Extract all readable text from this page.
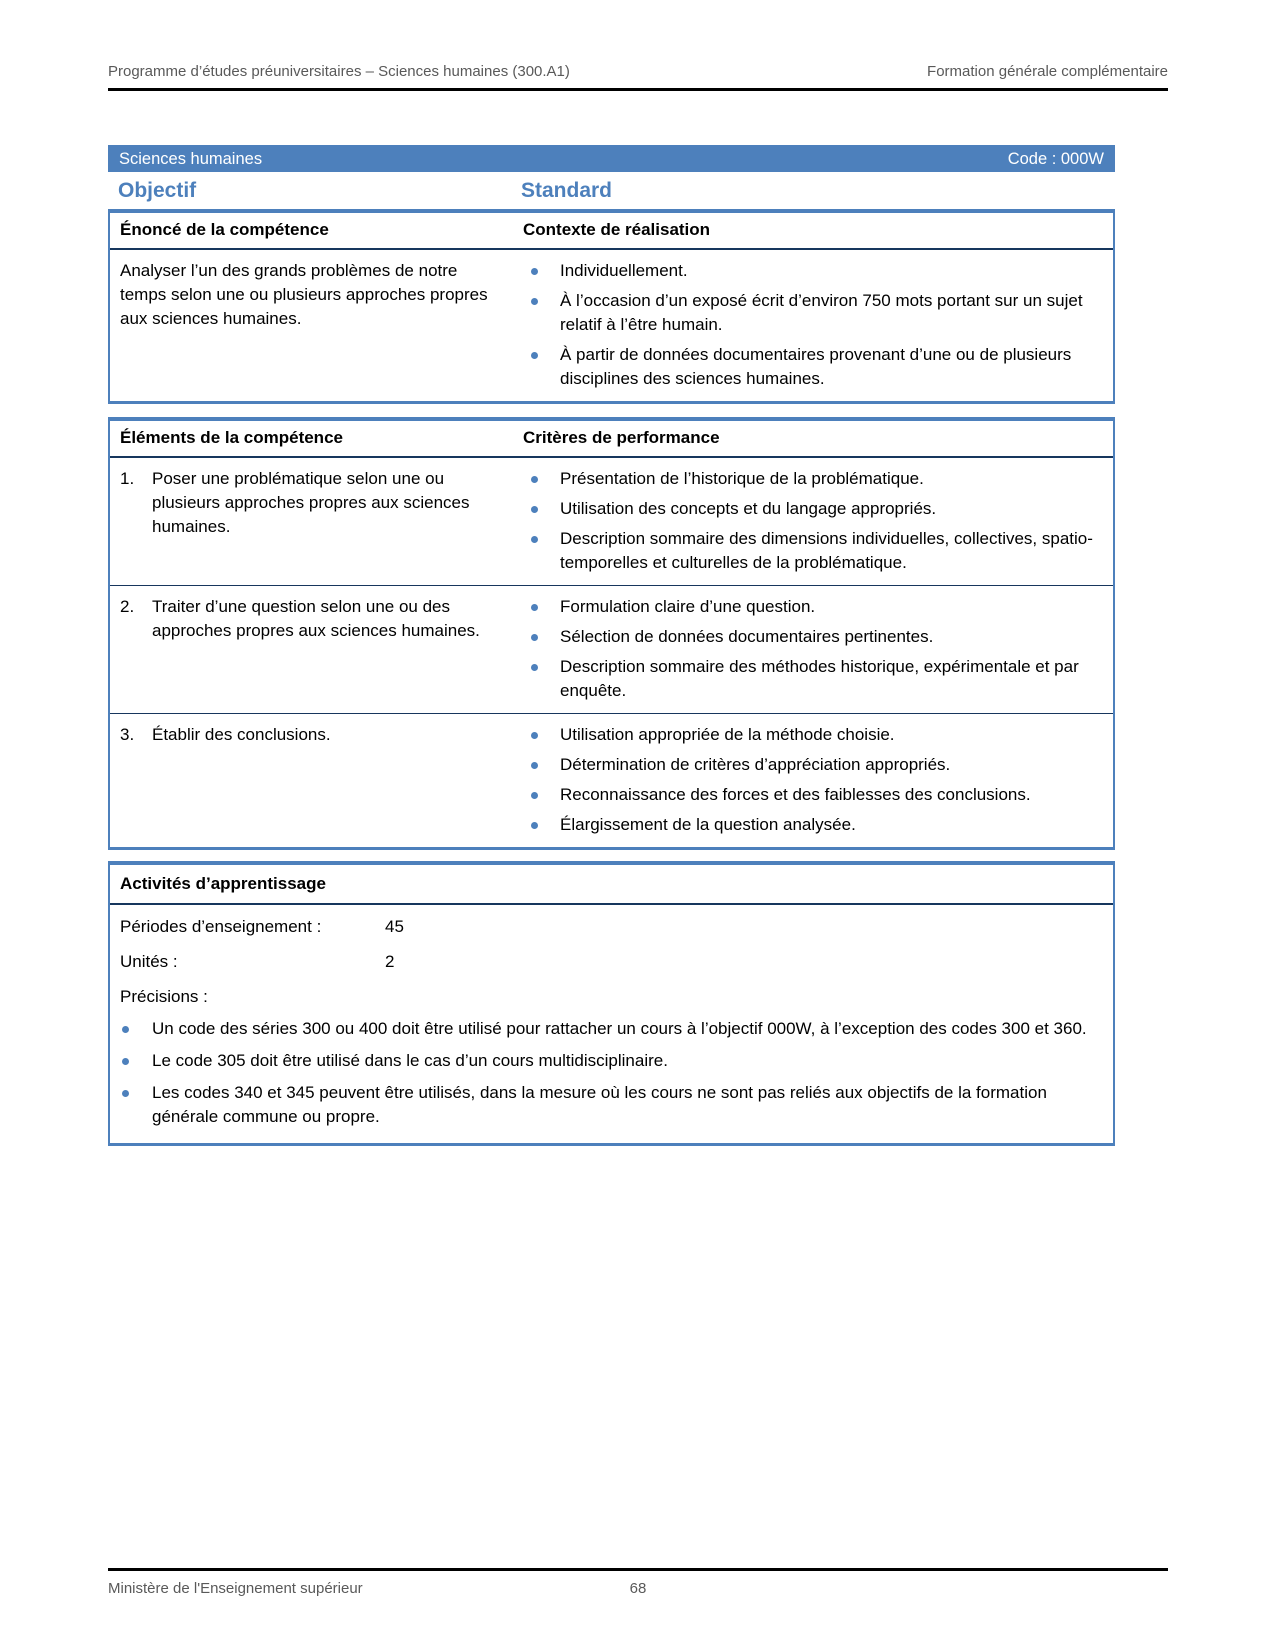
Programme d’études préuniversitaires – Sciences humaines (300.A1)	Formation générale complémentaire
Sciences humaines	Code : 000W
Objectif	Standard
Énoncé de la compétence	Contexte de réalisation

Analyser l’un des grands problèmes de notre temps selon une ou plusieurs approches propres aux sciences humaines.

Individuellement.
À l’occasion d’un exposé écrit d’environ 750 mots portant sur un sujet relatif à l’être humain.
À partir de données documentaires provenant d’une ou de plusieurs disciplines des sciences humaines.
Éléments de la compétence	Critères de performance
1.	Poser une problématique selon une ou plusieurs approches propres aux sciences humaines.
Présentation de l’historique de la problématique.
Utilisation des concepts et du langage appropriés.
Description sommaire des dimensions individuelles, collectives, spatio-temporelles et culturelles de la problématique.
2.	Traiter d’une question selon une ou des approches propres aux sciences humaines.
Formulation claire d’une question.
Sélection de données documentaires pertinentes.
Description sommaire des méthodes historique, expérimentale et par enquête.
3.	Établir des conclusions.	Utilisation appropriée de la méthode choisie.
Détermination de critères d’appréciation appropriés.
Reconnaissance des forces et des faiblesses des conclusions.
Élargissement de la question analysée.
Activités d’apprentissage
Périodes d’enseignement :	45
Unités :	2
Précisions :
Un code des séries 300 ou 400 doit être utilisé pour rattacher un cours à l’objectif 000W, à l’exception des codes 300 et 360.
Le code 305 doit être utilisé dans le cas d’un cours multidisciplinaire.
Les codes 340 et 345 peuvent être utilisés, dans la mesure où les cours ne sont pas reliés aux objectifs de la formation générale commune ou propre.
Ministère de l'Enseignement supérieur	68
